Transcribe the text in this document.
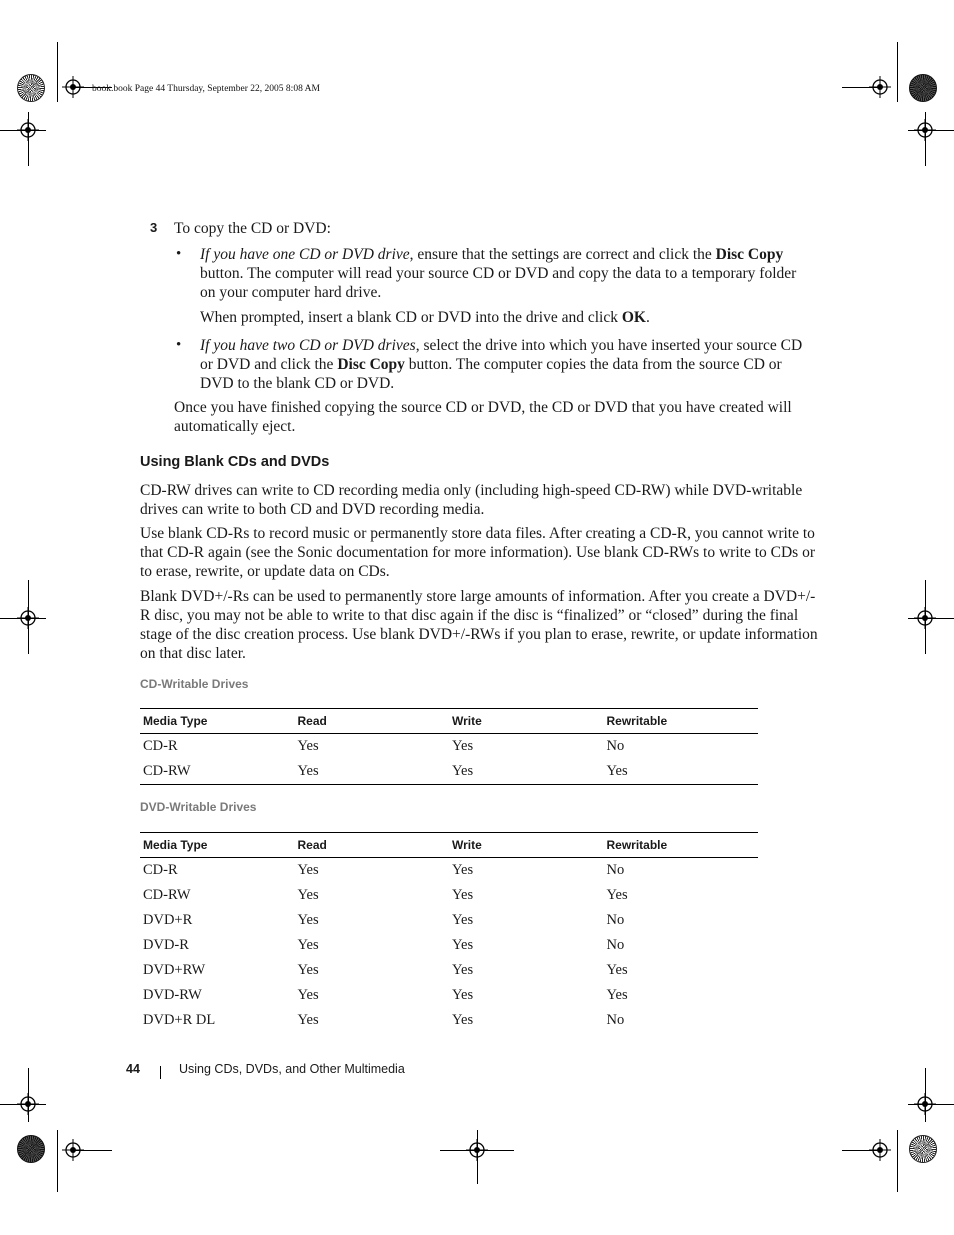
book.book Page 44 Thursday, September 22, 2005 8:08 AM
3 To copy the CD or DVD:
• If you have one CD or DVD drive, ensure that the settings are correct and click the Disc Copy button. The computer will read your source CD or DVD and copy the data to a temporary folder on your computer hard drive.
When prompted, insert a blank CD or DVD into the drive and click OK.
• If you have two CD or DVD drives, select the drive into which you have inserted your source CD or DVD and click the Disc Copy button. The computer copies the data from the source CD or DVD to the blank CD or DVD.
Once you have finished copying the source CD or DVD, the CD or DVD that you have created will automatically eject.
Using Blank CDs and DVDs
CD-RW drives can write to CD recording media only (including high-speed CD-RW) while DVD-writable drives can write to both CD and DVD recording media.
Use blank CD-Rs to record music or permanently store data files. After creating a CD-R, you cannot write to that CD-R again (see the Sonic documentation for more information). Use blank CD-RWs to write to CDs or to erase, rewrite, or update data on CDs.
Blank DVD+/-Rs can be used to permanently store large amounts of information. After you create a DVD+/-R disc, you may not be able to write to that disc again if the disc is “finalized” or “closed” during the final stage of the disc creation process. Use blank DVD+/-RWs if you plan to erase, rewrite, or update information on that disc later.
CD-Writable Drives
Media Type	Read	Write	Rewritable
CD-R	Yes	Yes	No
CD-RW	Yes	Yes	Yes
DVD-Writable Drives
Media Type	Read	Write	Rewritable
CD-R	Yes	Yes	No
CD-RW	Yes	Yes	Yes
DVD+R	Yes	Yes	No
DVD-R	Yes	Yes	No
DVD+RW	Yes	Yes	Yes
DVD-RW	Yes	Yes	Yes
DVD+R DL	Yes	Yes	No
44	Using CDs, DVDs, and Other Multimedia
